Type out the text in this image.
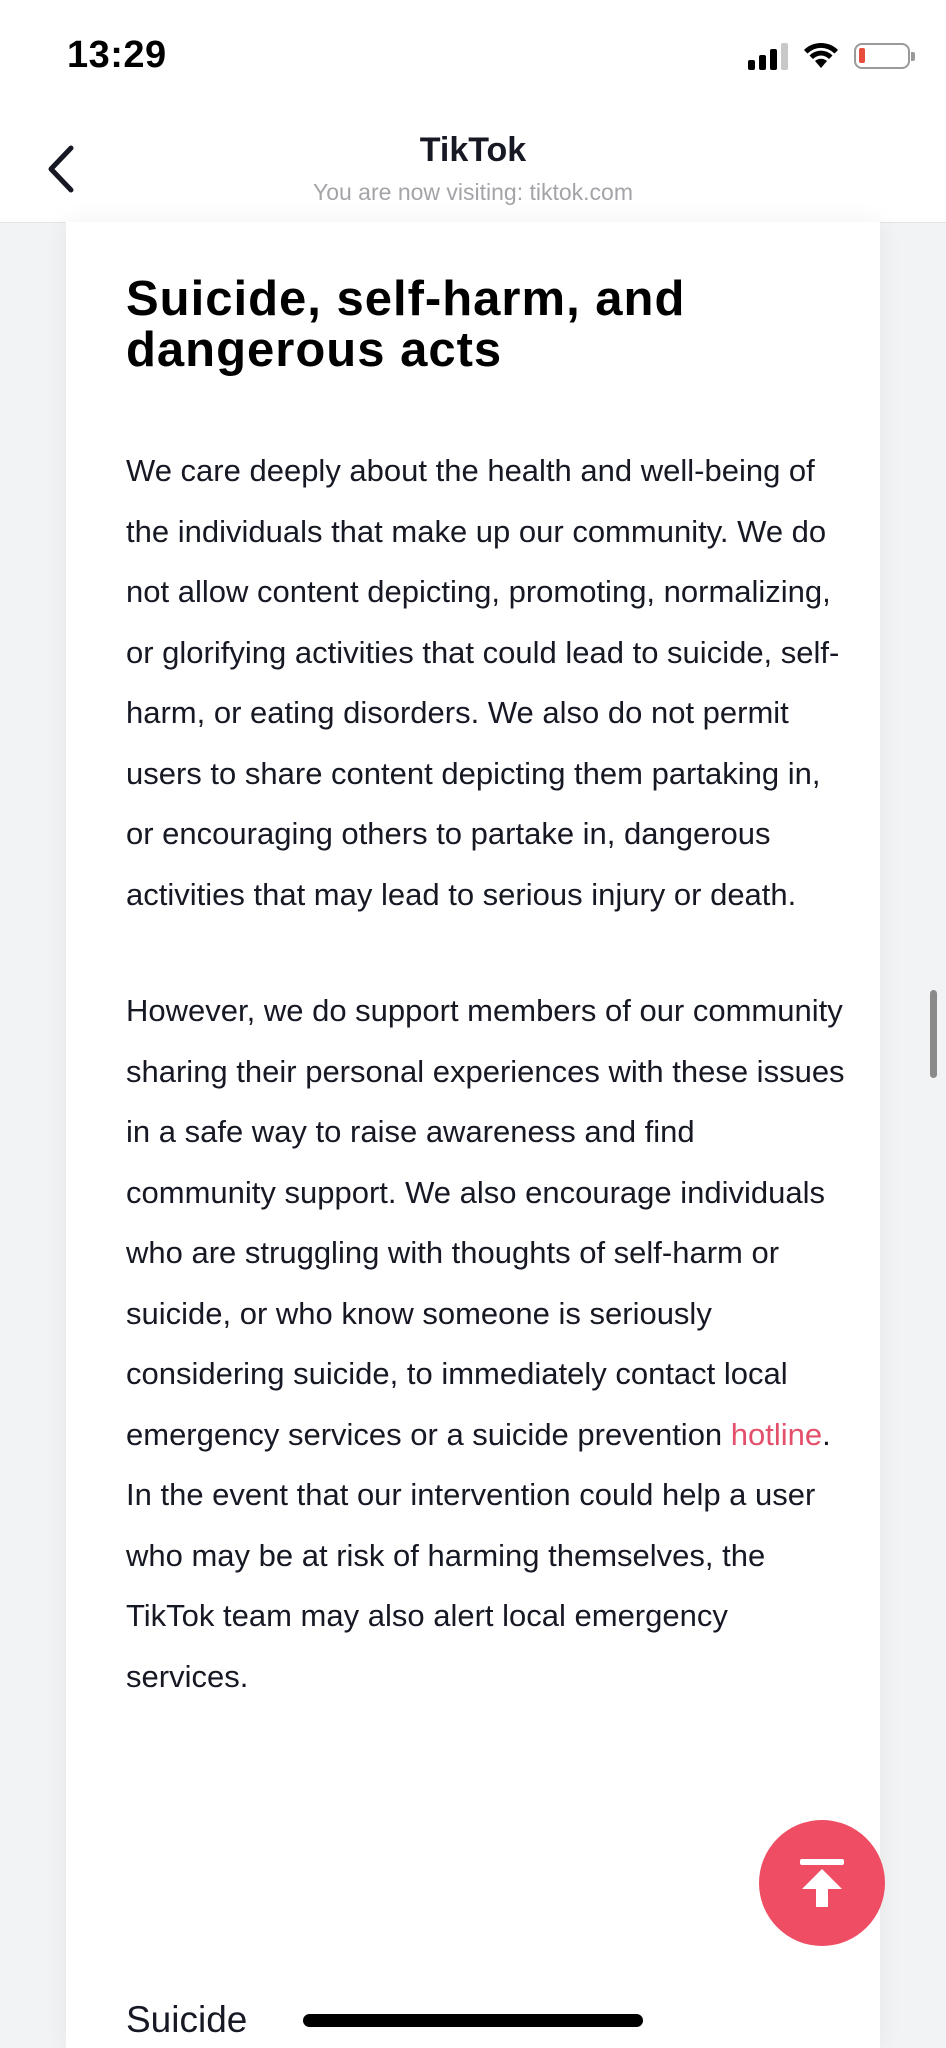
13:29
TikTok
You are now visiting: tiktok.com
Suicide, self-harm, and dangerous acts

We care deeply about the health and well-being of the individuals that make up our community. We do not allow content depicting, promoting, normalizing, or glorifying activities that could lead to suicide, self-harm, or eating disorders. We also do not permit users to share content depicting them partaking in, or encouraging others to partake in, dangerous activities that may lead to serious injury or death.

However, we do support members of our community sharing their personal experiences with these issues in a safe way to raise awareness and find community support. We also encourage individuals who are struggling with thoughts of self-harm or suicide, or who know someone is seriously considering suicide, to immediately contact local emergency services or a suicide prevention hotline. In the event that our intervention could help a user who may be at risk of harming themselves, the TikTok team may also alert local emergency services.

Suicide
